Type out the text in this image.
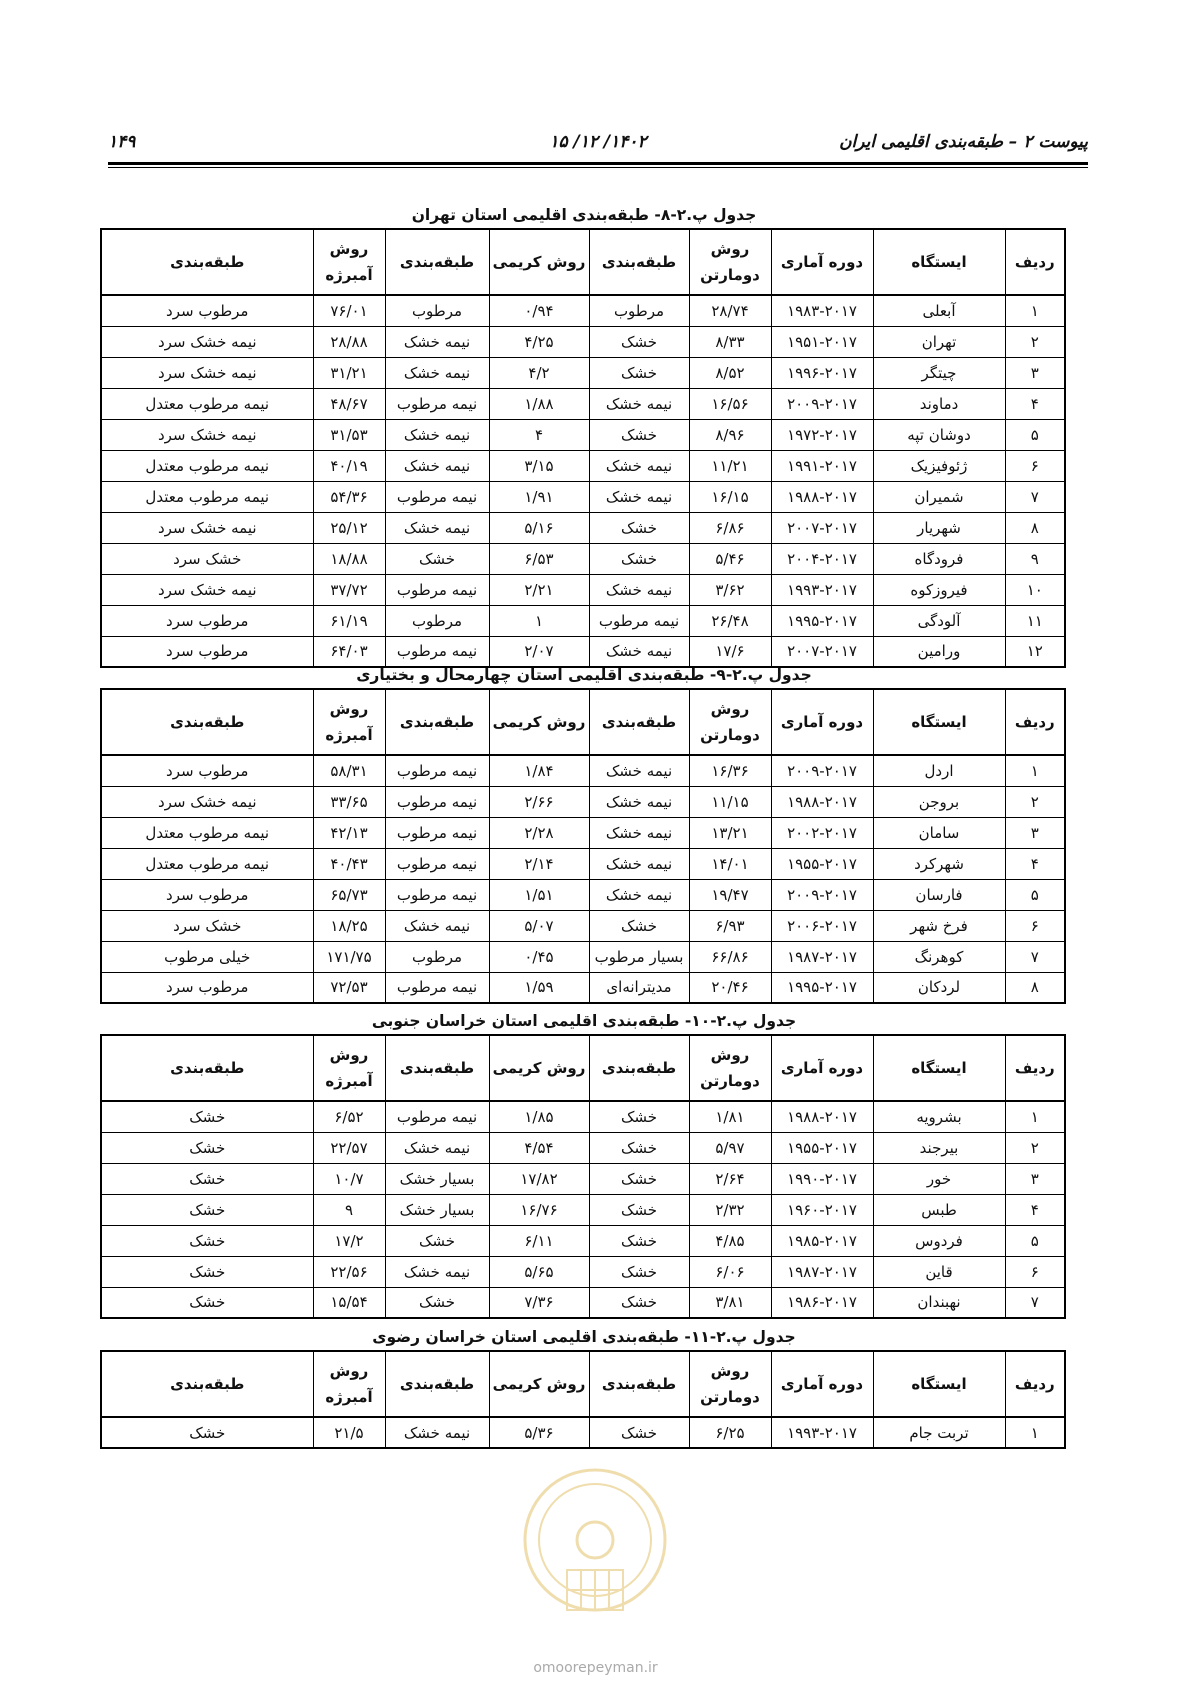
پیوست ۲ – طبقه‌بندی اقلیمی ایران
۱۴۰۲/ ۱۲/ ۱۵
۱۴۹
جدول پ.۲-۸- طبقه‌بندی اقلیمی استان تهران
ردیف	ایستگاه	دوره آماری	روش دومارتن	طبقه‌بندی	روش کریمی	طبقه‌بندی	روش آمبرژه	طبقه‌بندی
۱	آبعلی	۱۹۸۳-۲۰۱۷	۲۸/۷۴	مرطوب	۰/۹۴	مرطوب	۷۶/۰۱	مرطوب سرد
۲	تهران	۱۹۵۱-۲۰۱۷	۸/۳۳	خشک	۴/۲۵	نیمه خشک	۲۸/۸۸	نیمه خشک سرد
۳	چیتگر	۱۹۹۶-۲۰۱۷	۸/۵۲	خشک	۴/۲	نیمه خشک	۳۱/۲۱	نیمه خشک سرد
۴	دماوند	۲۰۰۹-۲۰۱۷	۱۶/۵۶	نیمه خشک	۱/۸۸	نیمه مرطوب	۴۸/۶۷	نیمه مرطوب معتدل
۵	دوشان تپه	۱۹۷۲-۲۰۱۷	۸/۹۶	خشک	۴	نیمه خشک	۳۱/۵۳	نیمه خشک سرد
۶	ژئوفیزیک	۱۹۹۱-۲۰۱۷	۱۱/۲۱	نیمه خشک	۳/۱۵	نیمه خشک	۴۰/۱۹	نیمه مرطوب معتدل
۷	شمیران	۱۹۸۸-۲۰۱۷	۱۶/۱۵	نیمه خشک	۱/۹۱	نیمه مرطوب	۵۴/۳۶	نیمه مرطوب معتدل
۸	شهریار	۲۰۰۷-۲۰۱۷	۶/۸۶	خشک	۵/۱۶	نیمه خشک	۲۵/۱۲	نیمه خشک سرد
۹	فرودگاه	۲۰۰۴-۲۰۱۷	۵/۴۶	خشک	۶/۵۳	خشک	۱۸/۸۸	خشک سرد
۱۰	فیروزکوه	۱۹۹۳-۲۰۱۷	۳/۶۲	نیمه خشک	۲/۲۱	نیمه مرطوب	۳۷/۷۲	نیمه خشک سرد
۱۱	آلودگی	۱۹۹۵-۲۰۱۷	۲۶/۴۸	نیمه مرطوب	۱	مرطوب	۶۱/۱۹	مرطوب سرد
۱۲	ورامین	۲۰۰۷-۲۰۱۷	۱۷/۶	نیمه خشک	۲/۰۷	نیمه مرطوب	۶۴/۰۳	مرطوب سرد
جدول پ.۲-۹- طبقه‌بندی اقلیمی استان چهارمحال و بختیاری
ردیف	ایستگاه	دوره آماری	روش دومارتن	طبقه‌بندی	روش کریمی	طبقه‌بندی	روش آمبرژه	طبقه‌بندی
۱	اردل	۲۰۰۹-۲۰۱۷	۱۶/۳۶	نیمه خشک	۱/۸۴	نیمه مرطوب	۵۸/۳۱	مرطوب سرد
۲	بروجن	۱۹۸۸-۲۰۱۷	۱۱/۱۵	نیمه خشک	۲/۶۶	نیمه مرطوب	۳۳/۶۵	نیمه خشک سرد
۳	سامان	۲۰۰۲-۲۰۱۷	۱۳/۲۱	نیمه خشک	۲/۲۸	نیمه مرطوب	۴۲/۱۳	نیمه مرطوب معتدل
۴	شهرکرد	۱۹۵۵-۲۰۱۷	۱۴/۰۱	نیمه خشک	۲/۱۴	نیمه مرطوب	۴۰/۴۳	نیمه مرطوب معتدل
۵	فارسان	۲۰۰۹-۲۰۱۷	۱۹/۴۷	نیمه خشک	۱/۵۱	نیمه مرطوب	۶۵/۷۳	مرطوب سرد
۶	فرخ شهر	۲۰۰۶-۲۰۱۷	۶/۹۳	خشک	۵/۰۷	نیمه خشک	۱۸/۲۵	خشک سرد
۷	کوهرنگ	۱۹۸۷-۲۰۱۷	۶۶/۸۶	بسیار مرطوب	۰/۴۵	مرطوب	۱۷۱/۷۵	خیلی مرطوب
۸	لردکان	۱۹۹۵-۲۰۱۷	۲۰/۴۶	مدیترانه‌ای	۱/۵۹	نیمه مرطوب	۷۲/۵۳	مرطوب سرد
جدول پ.۲-۱۰- طبقه‌بندی اقلیمی استان خراسان جنوبی
ردیف	ایستگاه	دوره آماری	روش دومارتن	طبقه‌بندی	روش کریمی	طبقه‌بندی	روش آمبرژه	طبقه‌بندی
۱	بشرویه	۱۹۸۸-۲۰۱۷	۱/۸۱	خشک	۱/۸۵	نیمه مرطوب	۶/۵۲	خشک
۲	بیرجند	۱۹۵۵-۲۰۱۷	۵/۹۷	خشک	۴/۵۴	نیمه خشک	۲۲/۵۷	خشک
۳	خور	۱۹۹۰-۲۰۱۷	۲/۶۴	خشک	۱۷/۸۲	بسیار خشک	۱۰/۷	خشک
۴	طبس	۱۹۶۰-۲۰۱۷	۲/۳۲	خشک	۱۶/۷۶	بسیار خشک	۹	خشک
۵	فردوس	۱۹۸۵-۲۰۱۷	۴/۸۵	خشک	۶/۱۱	خشک	۱۷/۲	خشک
۶	قاین	۱۹۸۷-۲۰۱۷	۶/۰۶	خشک	۵/۶۵	نیمه خشک	۲۲/۵۶	خشک
۷	نهبندان	۱۹۸۶-۲۰۱۷	۳/۸۱	خشک	۷/۳۶	خشک	۱۵/۵۴	خشک
جدول پ.۲-۱۱- طبقه‌بندی اقلیمی استان خراسان رضوی
ردیف	ایستگاه	دوره آماری	روش دومارتن	طبقه‌بندی	روش کریمی	طبقه‌بندی	روش آمبرژه	طبقه‌بندی
۱	تربت جام	۱۹۹۳-۲۰۱۷	۶/۲۵	خشک	۵/۳۶	نیمه خشک	۲۱/۵	خشک
omoorepeyman.ir
